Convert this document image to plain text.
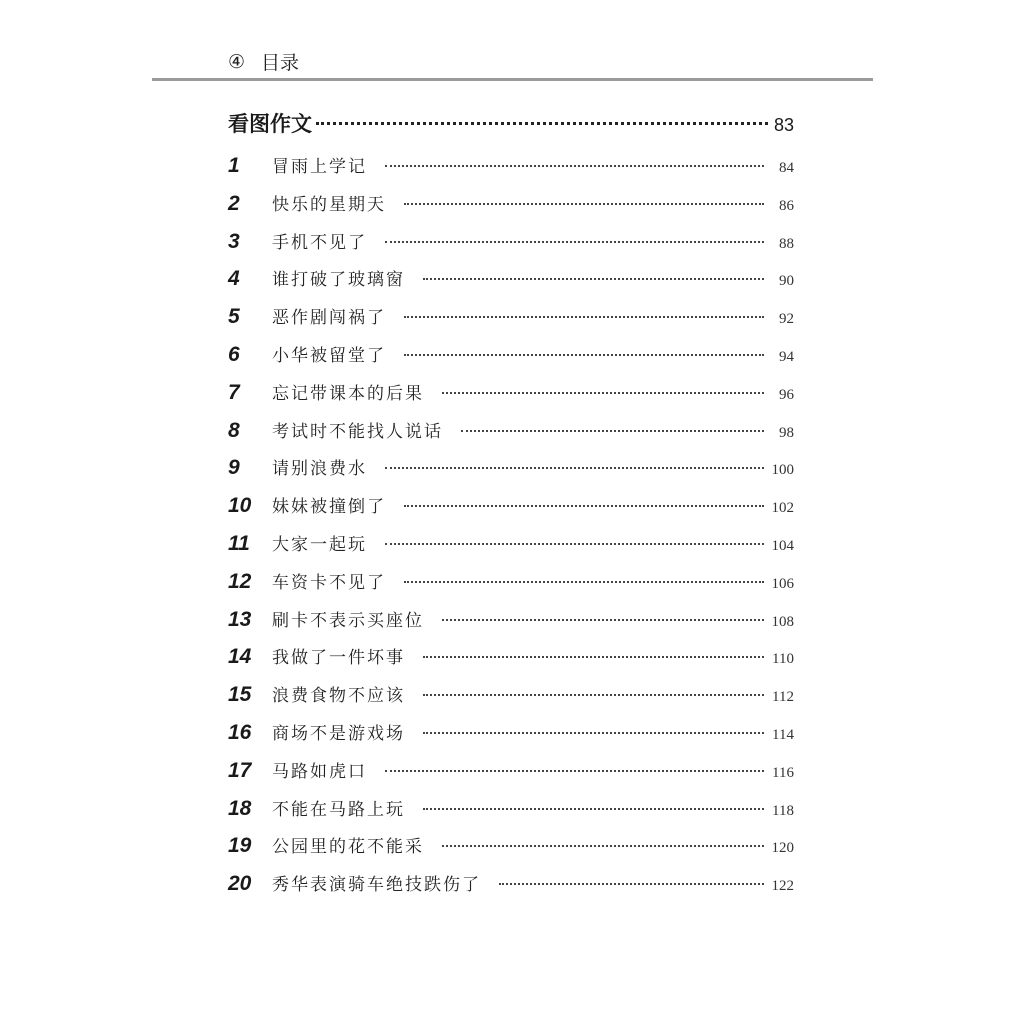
④ 目录
看图作文	83
1	冒雨上学记	84
2	快乐的星期天	86
3	手机不见了	88
4	谁打破了玻璃窗	90
5	恶作剧闯祸了	92
6	小华被留堂了	94
7	忘记带课本的后果	96
8	考试时不能找人说话	98
9	请别浪费水	100
10	妹妹被撞倒了	102
11	大家一起玩	104
12	车资卡不见了	106
13	刷卡不表示买座位	108
14	我做了一件坏事	110
15	浪费食物不应该	112
16	商场不是游戏场	114
17	马路如虎口	116
18	不能在马路上玩	118
19	公园里的花不能采	120
20	秀华表演骑车绝技跌伤了	122
